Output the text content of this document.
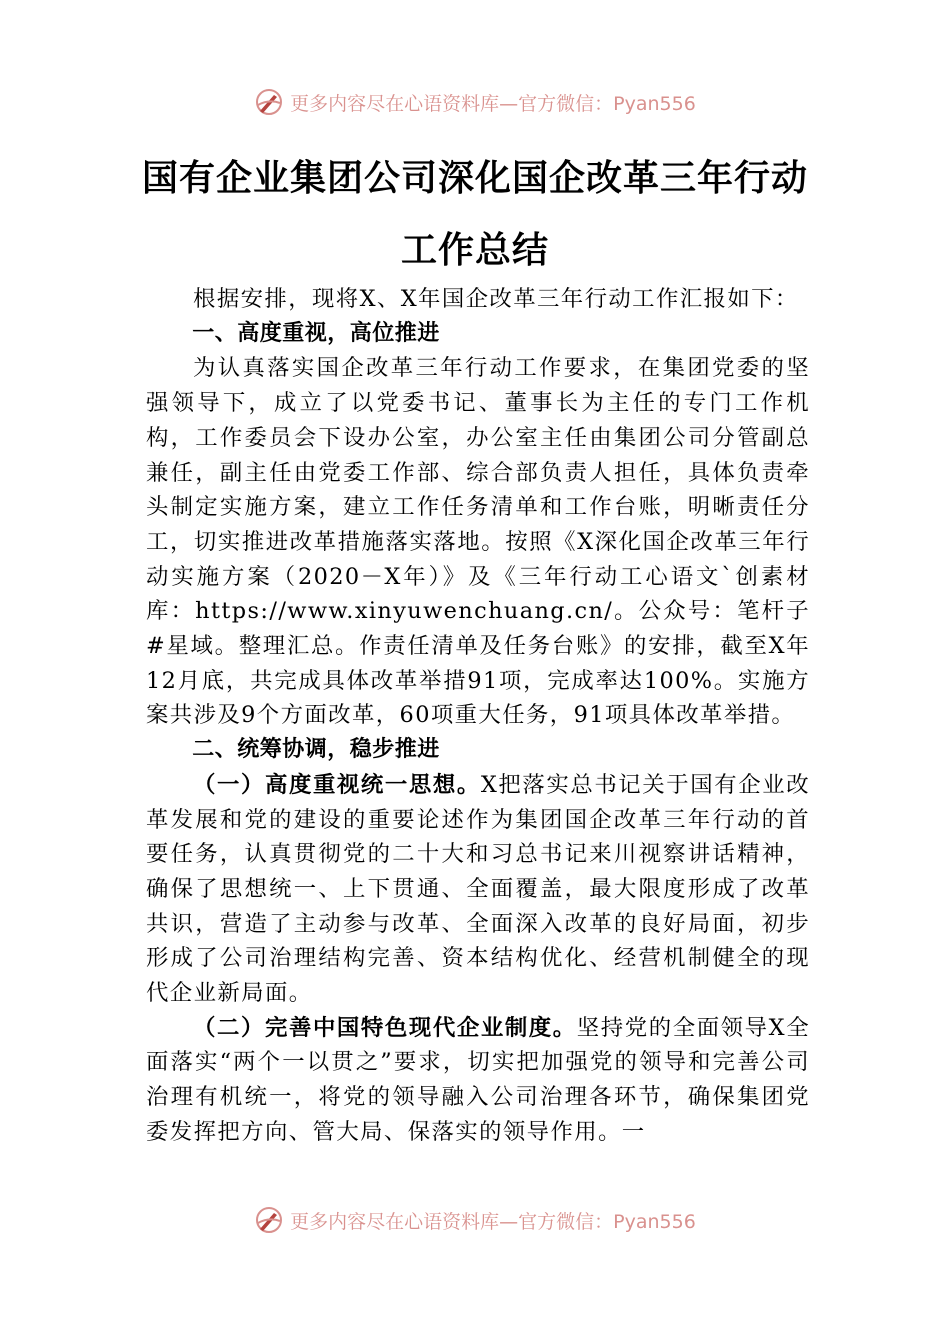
更多内容尽在心语资料库—官方微信：Pyan556
国有企业集团公司深化国企改革三年行动
工作总结

根据安排，现将X、X年国企改革三年行动工作汇报如下：

一、高度重视，高位推进

为认真落实国企改革三年行动工作要求，在集团党委的坚强领导下，成立了以党委书记、董事长为主任的专门工作机构，工作委员会下设办公室，办公室主任由集团公司分管副总兼任，副主任由党委工作部、综合部负责人担任，具体负责牵头制定实施方案，建立工作任务清单和工作台账，明晰责任分工，切实推进改革措施落实落地。按照《X深化国企改革三年行动实施方案（2020－X年）》及《三年行动工心语文`创素材库：https://www.xinyuwenchuang.cn/。公众号：笔杆子#星域。整理汇总。作责任清单及任务台账》的安排，截至X年12月底，共完成具体改革举措91项，完成率达100%。实施方案共涉及9个方面改革，60项重大任务，91项具体改革举措。

二、统筹协调，稳步推进

（一）高度重视统一思想。X把落实总书记关于国有企业改革发展和党的建设的重要论述作为集团国企改革三年行动的首要任务，认真贯彻党的二十大和习总书记来川视察讲话精神，确保了思想统一、上下贯通、全面覆盖，最大限度形成了改革共识，营造了主动参与改革、全面深入改革的良好局面，初步形成了公司治理结构完善、资本结构优化、经营机制健全的现代企业新局面。

（二）完善中国特色现代企业制度。坚持党的全面领导X全面落实“两个一以贯之”要求，切实把加强党的领导和完善公司治理有机统一，将党的领导融入公司治理各环节，确保集团党委发挥把方向、管大局、保落实的领导作用。一

更多内容尽在心语资料库—官方微信：Pyan556
